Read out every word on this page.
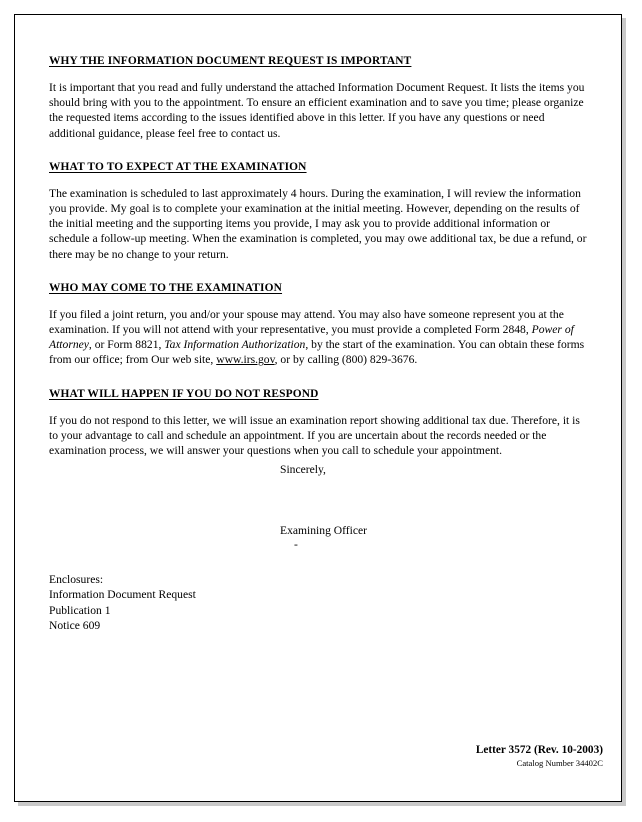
WHY THE INFORMATION DOCUMENT REQUEST IS IMPORTANT

It is important that you read and fully understand the attached Information Document Request. It lists the items you should bring with you to the appointment. To ensure an efficient examination and to save you time; please organize the requested items according to the issues identified above in this letter. If you have any questions or need additional guidance, please feel free to contact us.

WHAT TO TO EXPECT AT THE EXAMINATION

The examination is scheduled to last approximately 4 hours. During the examination, I will review the information you provide. My goal is to complete your examination at the initial meeting. However, depending on the results of the initial meeting and the supporting items you provide, I may ask you to provide additional information or schedule a follow-up meeting. When the examination is completed, you may owe additional tax, be due a refund, or there may be no change to your return.

WHO MAY COME TO THE EXAMINATION

If you filed a joint return, you and/or your spouse may attend. You may also have someone represent you at the examination. If you will not attend with your representative, you must provide a completed Form 2848, Power of Attorney, or Form 8821, Tax Information Authorization, by the start of the examination. You can obtain these forms from our office; from Our web site, www.irs.gov, or by calling (800) 829-3676.

WHAT WILL HAPPEN IF YOU DO NOT RESPOND

If you do not respond to this letter, we will issue an examination report showing additional tax due. Therefore, it is to your advantage to call and schedule an appointment. If you are uncertain about the records needed or the examination process, we will answer your questions when you call to schedule your appointment.

Sincerely,

Examining Officer

-

Enclosures:
Information Document Request
Publication 1
Notice 609
Letter 3572 (Rev. 10-2003)
Catalog Number 34402C
